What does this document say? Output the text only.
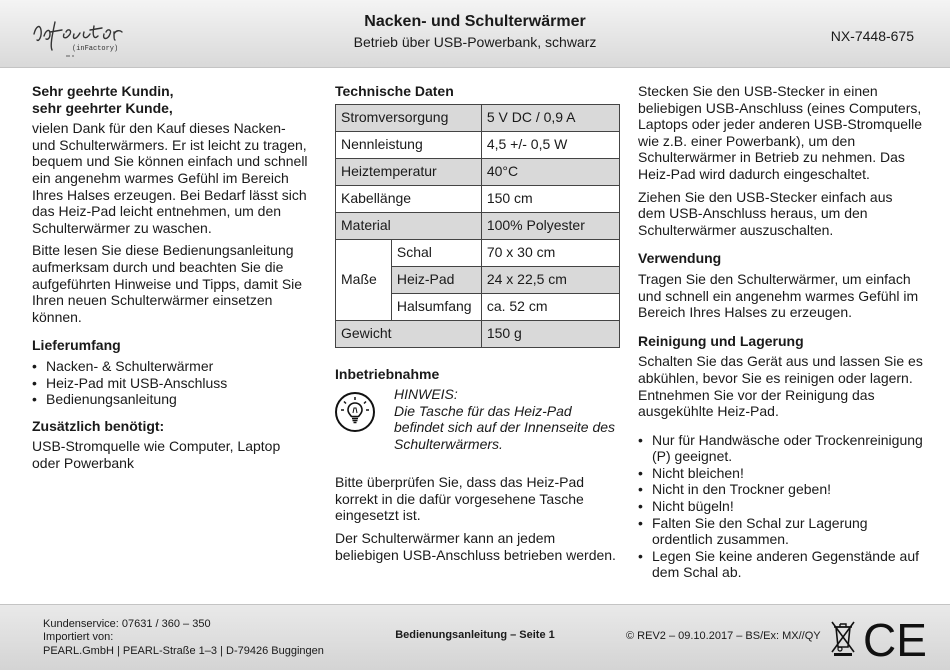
(inFactory)
Nacken- und Schulterwärmer
Betrieb über USB-Powerbank, schwarz	NX-7448-675
Sehr geehrte Kundin,
sehr geehrter Kunde,

vielen Dank für den Kauf dieses Nacken- und Schulterwärmers. Er ist leicht zu tragen, bequem und Sie können einfach und schnell ein angenehm warmes Gefühl im Bereich Ihres Halses erzeugen. Bei Bedarf lässt sich das Heiz-Pad leicht entnehmen, um den Schulterwärmer zu waschen.

Bitte lesen Sie diese Bedienungsanleitung aufmerksam durch und beachten Sie die aufgeführten Hinweise und Tipps, damit Sie Ihren neuen Schulterwärmer einsetzen können.

Lieferumfang
• Nacken- & Schulterwärmer
• Heiz-Pad mit USB-Anschluss
• Bedienungsanleitung
Zusätzlich benötigt:

USB-Stromquelle wie Computer, Laptop oder Powerbank

Technische Daten
Stromversorgung		5 V DC / 0,9 A
Nennleistung		4,5 +/- 0,5 W
Heiztemperatur		40°C
Kabellänge		150 cm
Material		100% Polyester
Maße	Schal	70 x 30 cm
	Heiz-Pad	24 x 22,5 cm
	Halsumfang	ca. 52 cm
Gewicht		150 g
Inbetriebnahme
HINWEIS:
Die Tasche für das Heiz-Pad befindet sich auf der Innenseite des Schulterwärmers.

Bitte überprüfen Sie, dass das Heiz-Pad korrekt in die dafür vorgesehene Tasche eingesetzt ist.

Der Schulterwärmer kann an jedem beliebigen USB-Anschluss betrieben werden.

Stecken Sie den USB-Stecker in einen beliebigen USB-Anschluss (eines Computers, Laptops oder jeder anderen USB-Stromquelle wie z.B. einer Powerbank), um den Schulterwärmer in Betrieb zu nehmen. Das Heiz-Pad wird dadurch eingeschaltet.

Ziehen Sie den USB-Stecker einfach aus dem USB-Anschluss heraus, um den Schulterwärmer auszuschalten.

Verwendung

Tragen Sie den Schulterwärmer, um einfach und schnell ein angenehm warmes Gefühl im Bereich Ihres Halses zu erzeugen.

Reinigung und Lagerung

Schalten Sie das Gerät aus und lassen Sie es abkühlen, bevor Sie es reinigen oder lagern. Entnehmen Sie vor der Reinigung das ausgekühlte Heiz-Pad.

• Nur für Handwäsche oder Trockenreinigung (P) geeignet.
• Nicht bleichen!
• Nicht in den Trockner geben!
• Nicht bügeln!
• Falten Sie den Schal zur Lagerung ordentlich zusammen.
• Legen Sie keine anderen Gegenstände auf dem Schal ab.
Kundenservice: 07631 / 360 – 350
Importiert von:
PEARL.GmbH | PEARL-Straße 1–3 | D-79426 Buggingen
Bedienungsanleitung – Seite 1	© REV2 – 09.10.2017 – BS/Ex: MX//QY CE
